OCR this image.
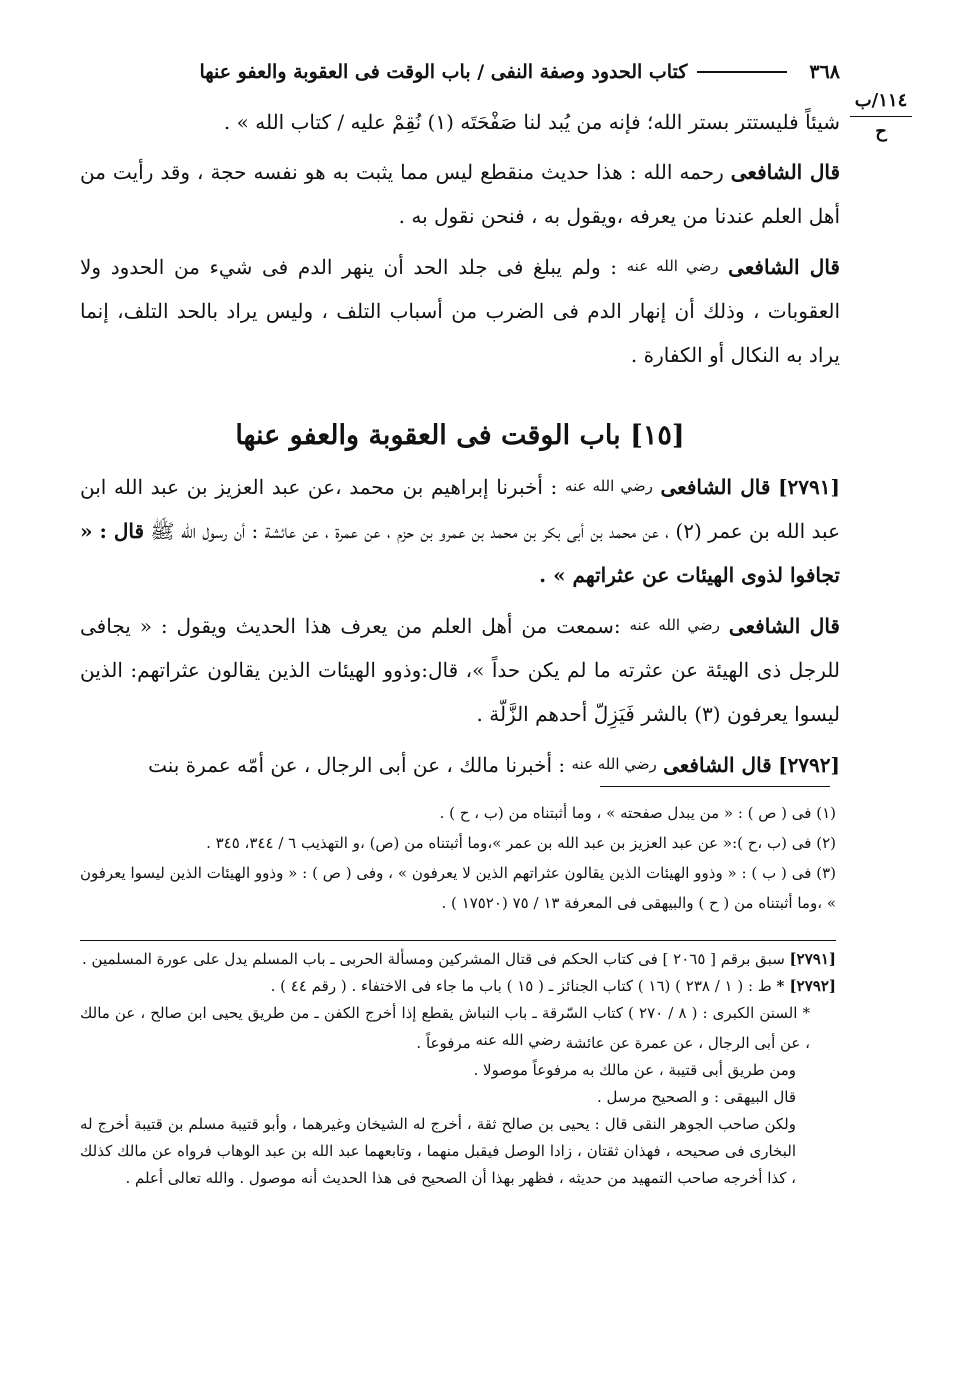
٣٦٨
كتاب الحدود وصفة النفى / باب الوقت فى العقوبة والعفو عنها
١١٤/ب
ح

شيئاً فليستتر بستر الله؛ فإنه من يُبد لنا صَفْحَتَه (١) نُقِمْ عليه / كتاب الله » .

قال الشافعى رحمه الله : هذا حديث منقطع ليس مما يثبت به هو نفسه حجة ، وقد رأيت من أهل العلم عندنا من يعرفه ،ويقول به ، فنحن نقول به .

قال الشافعى رضي الله عنه : ولم يبلغ فى جلد الحد أن ينهر الدم فى شيء من الحدود ولا العقوبات ، وذلك أن إنهار الدم فى الضرب من أسباب التلف ، وليس يراد بالحد التلف، إنما يراد به النكال أو الكفارة .

[١٥] باب الوقت فى العقوبة والعفو عنها

[٢٧٩١] قال الشافعى رضي الله عنه : أخبرنا إبراهيم بن محمد ،عن عبد العزيز بن عبد الله ابن عبد الله بن عمر (٢) ، عن محمد بن أبى بكر بن محمد بن عمرو بن حزم ، عن عمرة ، عن عائشة : أن رسول الله ﷺ قال : « تجافوا لذوى الهيئات عن عثراتهم » .

قال الشافعى رضي الله عنه :سمعت من أهل العلم من يعرف هذا الحديث ويقول : « يجافى للرجل ذى الهيئة عن عثرته ما لم يكن حداً »، قال:وذوو الهيئات الذين يقالون عثراتهم: الذين ليسوا يعرفون (٣) بالشر فَيَزِلّ أحدهم الزَّلّة .

[٢٧٩٢] قال الشافعى رضي الله عنه : أخبرنا مالك ، عن أبى الرجال ، عن أمّه عمرة بنت

(١) فى ( ص ) : « من يبدل صفحته » ، وما أثبتناه من (ب ، ح ) .

(٢) فى (ب ،ح ):« عن عبد العزيز بن عبد الله بن عمر »،وما أثبتناه من (ص) ،و التهذيب ٦ / ٣٤٤، ٣٤٥ .

(٣) فى ( ب ) : « وذوو الهيئات الذين يقالون عثراتهم الذين لا يعرفون » ، وفى ( ص ) : « وذوو الهيئات الذين ليسوا يعرفون » ،وما أثبتناه من ( ح ) والبيهقى فى المعرفة ١٣ / ٧٥ (١٧٥٢٠ ) .

[٢٧٩١] سبق برقم [ ٢٠٦٥ ] فى كتاب الحكم فى قتال المشركين ومسألة الحربى ـ باب المسلم يدل على عورة المسلمين .

[٢٧٩٢] * ط : ( ١ / ٢٣٨ ) (١٦ ) كتاب الجنائز ـ ( ١٥ ) باب ما جاء فى الاختفاء . ( رقم ٤٤ ) .

* السنن الكبرى : ( ٨ / ٢٧٠ ) كتاب السّرقة ـ باب النباش يقطع إذا أخرج الكفن ـ من طريق يحيى ابن صالح ، عن مالك ، عن أبى الرجال ، عن عمرة عن عائشة رضي الله عنه مرفوعاً .

ومن طريق أبى قتيبة ، عن مالك به مرفوعاً موصولا .

قال البيهقى : و الصحيح مرسل .

ولكن صاحب الجوهر النقى قال : يحيى بن صالح ثقة ، أخرج له الشيخان وغيرهما ، وأبو قتيبة مسلم بن قتيبة أخرج له البخارى فى صحيحه ، فهذان ثقتان ، زادا الوصل فيقبل منهما ، وتابعهما عبد الله بن عبد الوهاب فرواه عن مالك كذلك ، كذا أخرجه صاحب التمهيد من حديثه ، فظهر بهذا أن الصحيح فى هذا الحديث أنه موصول . والله تعالى أعلم .
